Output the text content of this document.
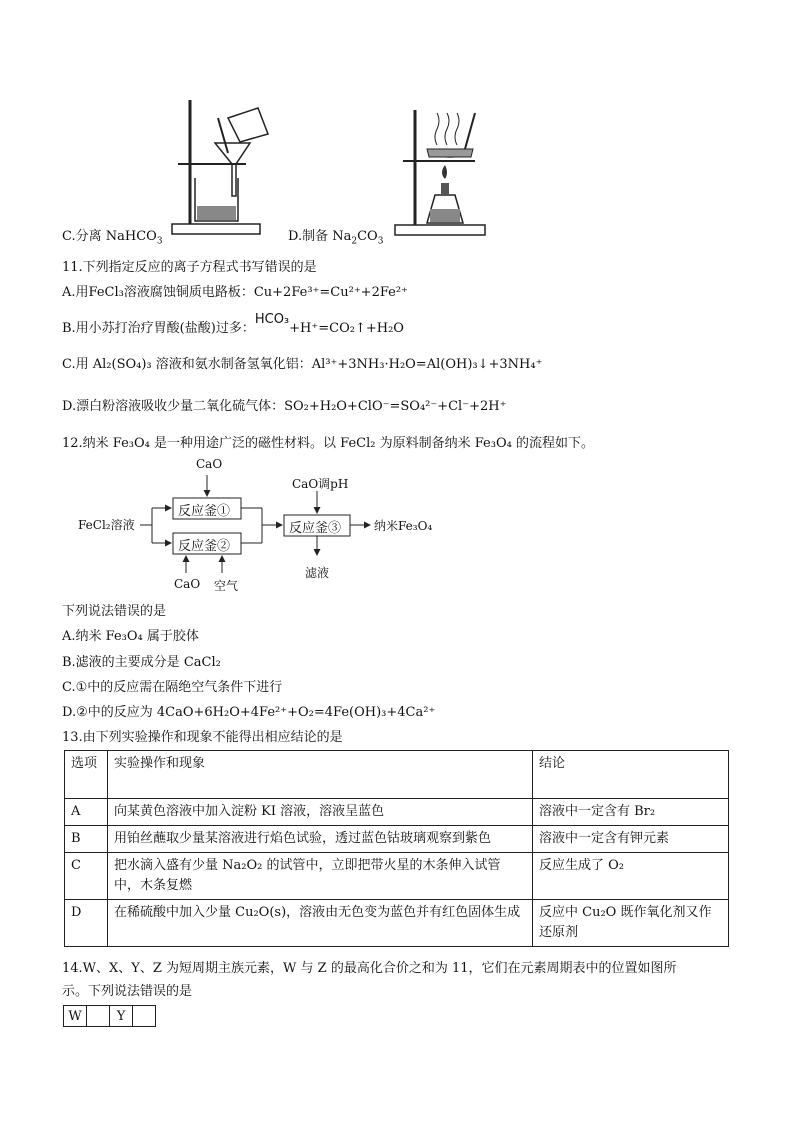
C.分离 NaHCO$_3$	D.制备 $Na_2CO_3$
11.下列指定反应的离子方程式书写错误的是
A.用FeCl₃溶液腐蚀铜质电路板：Cu+2Fe³⁺=Cu²⁺+2Fe²⁺
B.用小苏打治疗胃酸(盐酸)过多：HCO₃+H⁺=CO₂↑+H₂O
C.用 Al₂(SO₄)₃ 溶液和氨水制备氢氧化铝：Al³⁺+3NH₃·H₂O=Al(OH)₃↓+3NH₄⁺
D.漂白粉溶液吸收少量二氧化硫气体：SO₂+H₂O+ClO⁻=SO₄²⁻+Cl⁻+2H⁺
12.纳米 Fe₃O₄ 是一种用途广泛的磁性材料。以 FeCl₂ 为原料制备纳米 Fe₃O₄ 的流程如下。
CaO
反应釜①
反应釜②
反应釜③
FeCl₂溶液
CaO调pH
纳米Fe₃O₄
滤液
CaO 空气
下列说法错误的是
A.纳米 Fe₃O₄ 属于胶体
B.滤液的主要成分是 CaCl₂
C.①中的反应需在隔绝空气条件下进行
D.②中的反应为 4CaO+6H₂O+4Fe²⁺+O₂=4Fe(OH)₃+4Ca²⁺
13.由下列实验操作和现象不能得出相应结论的是
选项	实验操作和现象	结论
A	向某黄色溶液中加入淀粉 KI 溶液，溶液呈蓝色	溶液中一定含有 Br₂
B	用铂丝蘸取少量某溶液进行焰色试验，透过蓝色钴玻璃观察到紫色	溶液中一定含有钾元素
C	把水滴入盛有少量 Na₂O₂ 的试管中，立即把带火星的木条伸入试管中，木条复燃	反应生成了 O₂
D	在稀硫酸中加入少量 Cu₂O(s)，溶液由无色变为蓝色并有红色固体生成	反应中 Cu₂O 既作氧化剂又作还原剂
14.W、X、Y、Z 为短周期主族元素，W 与 Z 的最高化合价之和为 11，它们在元素周期表中的位置如图所
示。下列说法错误的是
W		Y	
